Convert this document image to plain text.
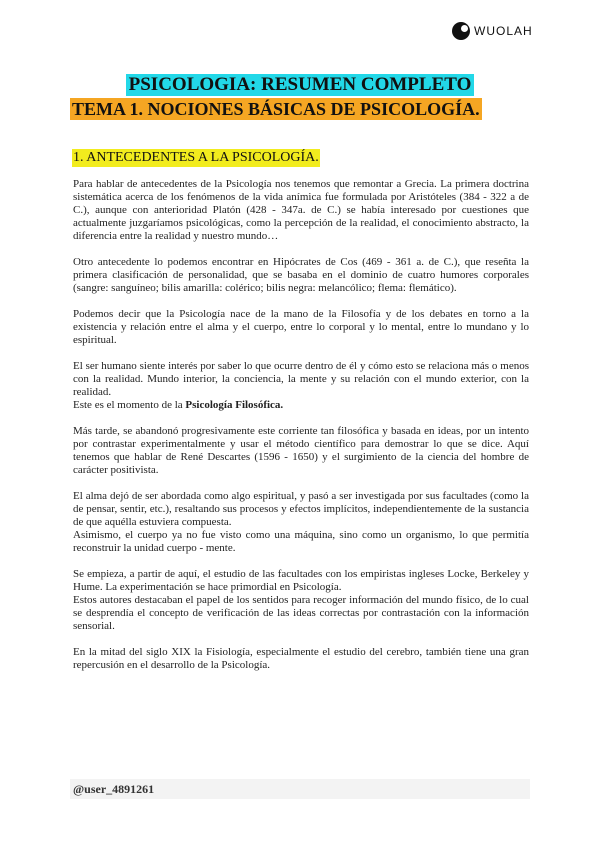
WUOLAH
PSICOLOGIA: RESUMEN COMPLETO
TEMA 1. NOCIONES BÁSICAS DE PSICOLOGÍA.
1. ANTECEDENTES A LA PSICOLOGÍA.

Para hablar de antecedentes de la Psicología nos tenemos que remontar a Grecia. La primera doctrina sistemática acerca de los fenómenos de la vida anímica fue formulada por Aristóteles (384 - 322 a de C.), aunque con anterioridad Platón (428 - 347a. de C.) se había interesado por cuestiones que actualmente juzgaríamos psicológicas, como la percepción de la realidad, el conocimiento abstracto, la diferencia entre la realidad y nuestro mundo…

Otro antecedente lo podemos encontrar en Hipócrates de Cos (469 - 361 a. de C.), que reseñta la primera clasificación de personalidad, que se basaba en el dominio de cuatro humores corporales (sangre: sanguíneo; bilis amarilla: colérico; bilis negra: melancólico; flema: flemático).

Podemos decir que la Psicología nace de la mano de la Filosofía y de los debates en torno a la existencia y relación entre el alma y el cuerpo, entre lo corporal y lo mental, entre lo mundano y lo espiritual.

El ser humano siente interés por saber lo que ocurre dentro de él y cómo esto se relaciona más o menos con la realidad. Mundo interior, la conciencia, la mente y su relación con el mundo exterior, con la realidad.

Este es el momento de la Psicología Filosófica.

Más tarde, se abandonó progresivamente este corriente tan filosófica y basada en ideas, por un intento por contrastar experimentalmente y usar el método científico para demostrar lo que se dice. Aquí tenemos que hablar de René Descartes (1596 - 1650) y el surgimiento de la ciencia del hombre de carácter positivista.

El alma dejó de ser abordada como algo espiritual, y pasó a ser investigada por sus facultades (como la de pensar, sentir, etc.), resaltando sus procesos y efectos implícitos, independientemente de la sustancia de que aquélla estuviera compuesta.

Asimismo, el cuerpo ya no fue visto como una máquina, sino como un organismo, lo que permitía reconstruir la unidad cuerpo - mente.

Se empieza, a partir de aquí, el estudio de las facultades con los empiristas ingleses Locke, Berkeley y Hume. La experimentación se hace primordial en Psicología.

Estos autores destacaban el papel de los sentidos para recoger información del mundo físico, de lo cual se desprendía el concepto de verificación de las ideas correctas por contrastación con la información sensorial.

En la mitad del siglo XIX la Fisiología, especialmente el estudio del cerebro, también tiene una gran repercusión en el desarrollo de la Psicología.

@user_4891261
